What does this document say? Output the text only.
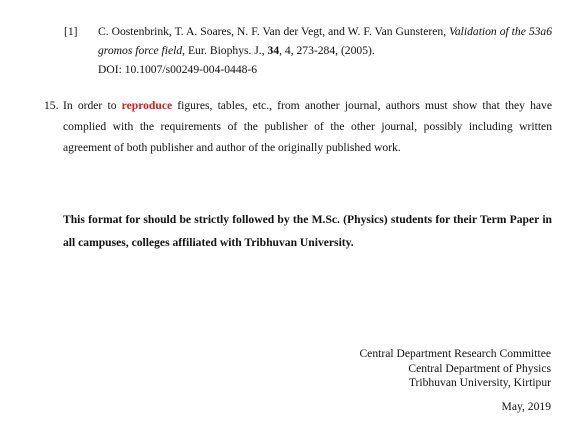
[1] C. Oostenbrink, T. A. Soares, N. F. Van der Vegt, and W. F. Van Gunsteren, Validation of the 53a6 gromos force field, Eur. Biophys. J., 34, 4, 273-284, (2005).
DOI: 10.1007/s00249-004-0448-6
15. In order to reproduce figures, tables, etc., from another journal, authors must show that they have complied with the requirements of the publisher of the other journal, possibly including written agreement of both publisher and author of the originally published work.
This format for should be strictly followed by the M.Sc. (Physics) students for their Term Paper in all campuses, colleges affiliated with Tribhuvan University.
Central Department Research Committee
Central Department of Physics
Tribhuvan University, Kirtipur
May, 2019
